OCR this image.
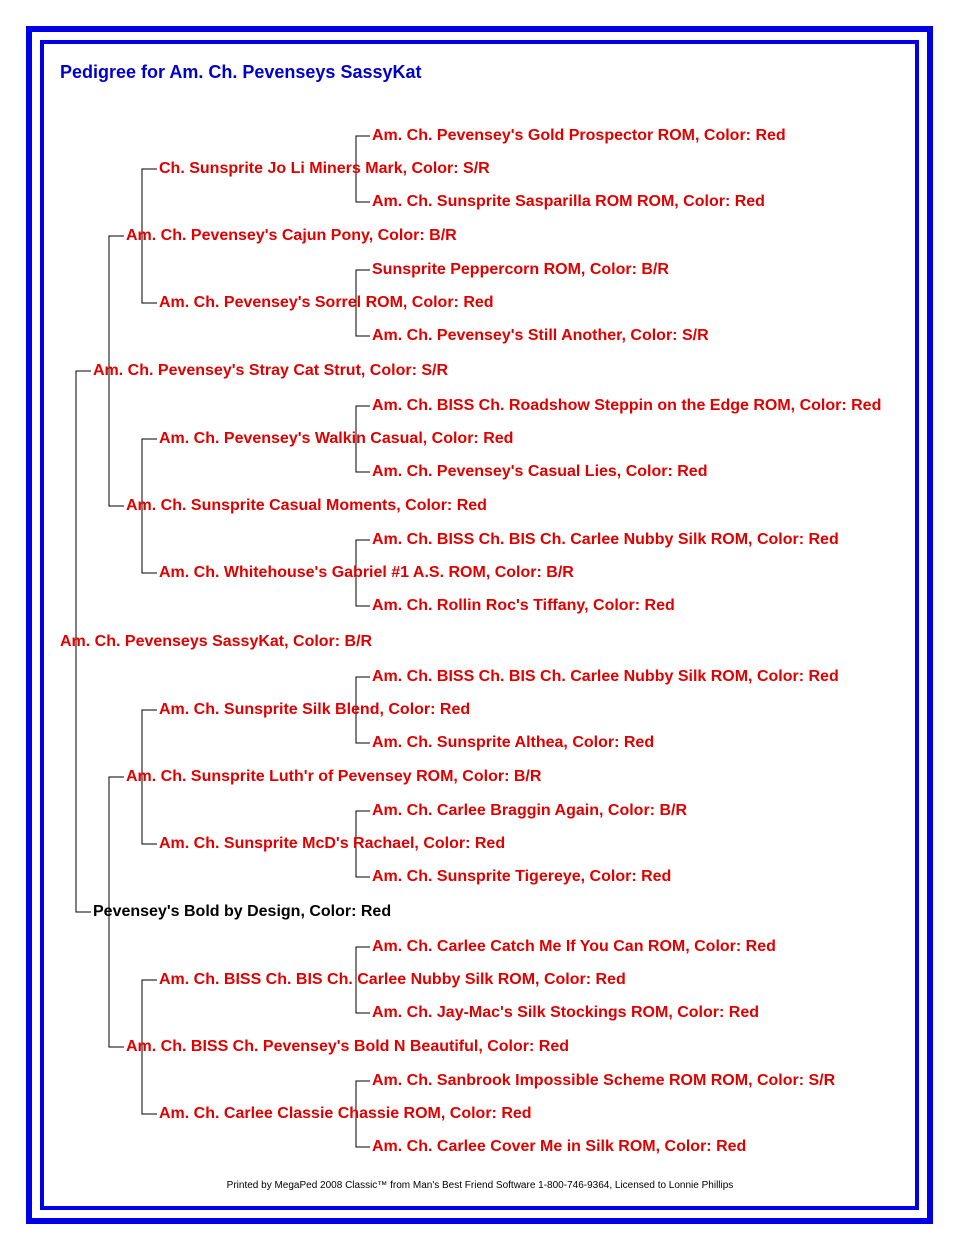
Pedigree for Am. Ch. Pevenseys SassyKat
Am. Ch. Pevenseys SassyKat, Color: B/R
Am. Ch. Pevensey's Stray Cat Strut, Color: S/R
Pevensey's Bold by Design, Color: Red
Am. Ch. Pevensey's Cajun Pony, Color: B/R
Am. Ch. Sunsprite Casual Moments, Color: Red
Am. Ch. Sunsprite Luth'r of Pevensey ROM, Color: B/R
Am. Ch. BISS Ch. Pevensey's Bold N Beautiful, Color: Red
Ch. Sunsprite Jo Li Miners Mark, Color: S/R
Am. Ch. Pevensey's Sorrel ROM, Color: Red
Am. Ch. Pevensey's Walkin Casual, Color: Red
Am. Ch. Whitehouse's Gabriel #1 A.S. ROM, Color: B/R
Am. Ch. Sunsprite Silk Blend, Color: Red
Am. Ch. Sunsprite McD's Rachael, Color: Red
Am. Ch. BISS Ch. BIS Ch. Carlee Nubby Silk ROM, Color: Red
Am. Ch. Carlee Classie Chassie ROM, Color: Red
Am. Ch. Pevensey's Gold Prospector ROM, Color: Red
Am. Ch. Sunsprite Sasparilla ROM ROM, Color: Red
Sunsprite Peppercorn ROM, Color: B/R
Am. Ch. Pevensey's Still Another, Color: S/R
Am. Ch. BISS Ch. Roadshow Steppin on the Edge ROM, Color: Red
Am. Ch. Pevensey's Casual Lies, Color: Red
Am. Ch. BISS Ch. BIS Ch. Carlee Nubby Silk ROM, Color: Red
Am. Ch. Rollin Roc's Tiffany, Color: Red
Am. Ch. BISS Ch. BIS Ch. Carlee Nubby Silk ROM, Color: Red
Am. Ch. Sunsprite Althea, Color: Red
Am. Ch. Carlee Braggin Again, Color: B/R
Am. Ch. Sunsprite Tigereye, Color: Red
Am. Ch. Carlee Catch Me If You Can ROM, Color: Red
Am. Ch. Jay-Mac's Silk Stockings ROM, Color: Red
Am. Ch. Sanbrook Impossible Scheme ROM ROM, Color: S/R
Am. Ch. Carlee Cover Me in Silk ROM, Color: Red
Printed by MegaPed 2008 Classic™ from Man's Best Friend Software 1-800-746-9364, Licensed to Lonnie Phillips
